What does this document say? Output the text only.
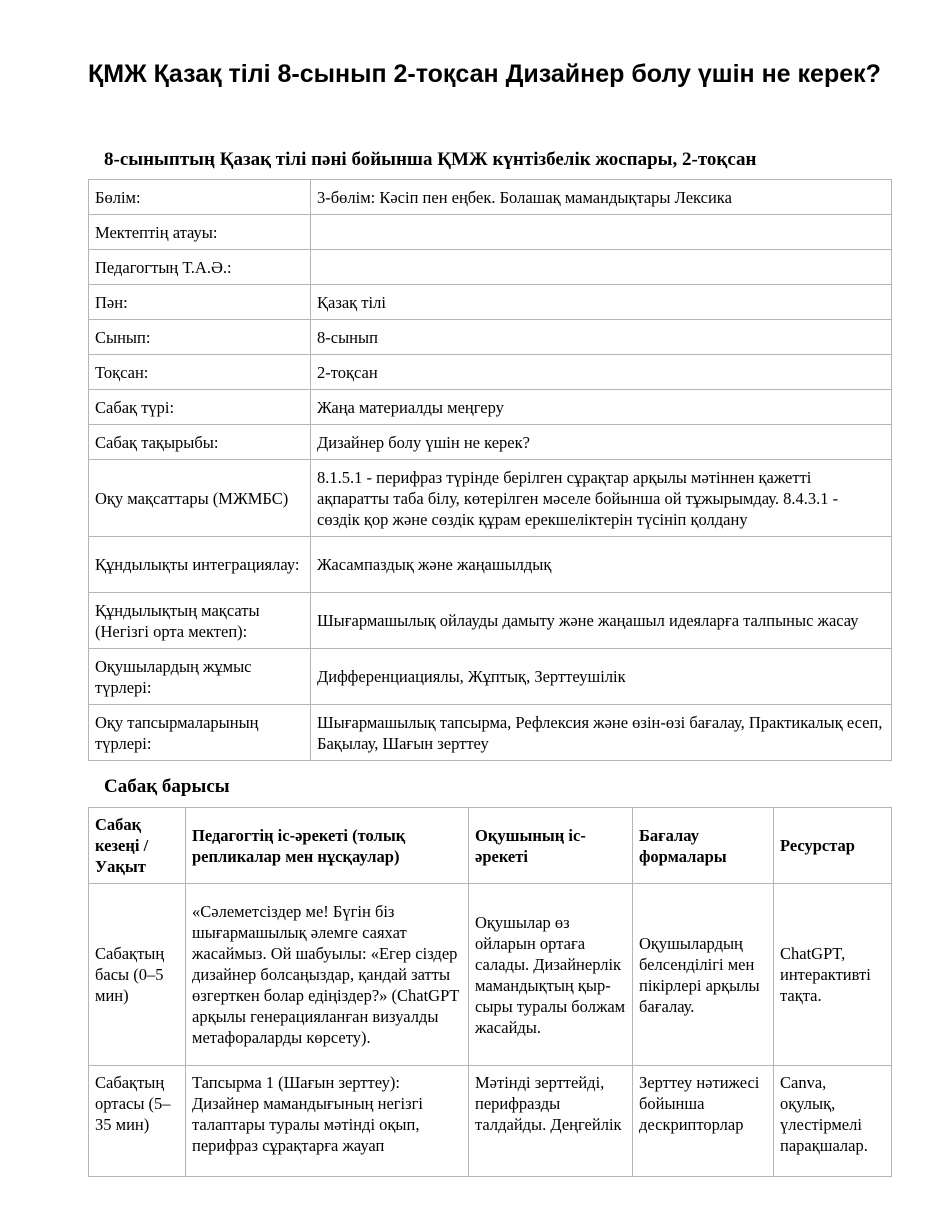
ҚМЖ Қазақ тілі 8-сынып 2-тоқсан Дизайнер болу үшін не керек?
8-сыныптың Қазақ тілі пәні бойынша ҚМЖ күнтізбелік жоспары, 2-тоқсан
Бөлім:	3-бөлім: Кәсіп пен еңбек. Болашақ мамандықтары Лексика
Мектептің атауы:	
Педагогтың Т.А.Ә.:	
Пән:	Қазақ тілі
Сынып:	8-сынып
Тоқсан:	2-тоқсан
Сабақ түрі:	Жаңа материалды меңгеру
Сабақ тақырыбы:	Дизайнер болу үшін не керек?
Оқу мақсаттары (МЖМБС)	8.1.5.1 - перифраз түрінде берілген сұрақтар арқылы мәтіннен қажетті ақпаратты таба білу, көтерілген мәселе бойынша ой тұжырымдау. 8.4.3.1 - сөздік қор және сөздік құрам ерекшеліктерін түсініп қолдану
Құндылықты интеграциялау:	Жасампаздық және жаңашылдық
Құндылықтың мақсаты (Негізгі орта мектеп):	Шығармашылық ойлауды дамыту және жаңашыл идеяларға талпыныс жасау
Оқушылардың жұмыс түрлері:	Дифференциациялы, Жұптық, Зерттеушілік
Оқу тапсырмаларының түрлері:	Шығармашылық тапсырма, Рефлексия және өзін-өзі бағалау, Практикалық есеп, Бақылау, Шағын зерттеу
Сабақ барысы
Сабақ кезеңі / Уақыт	Педагогтің іс-әрекеті (толық репликалар мен нұсқаулар)	Оқушының іс-әрекеті	Бағалау формалары	Ресурстар
Сабақтың басы (0–5 мин)	«Сәлеметсіздер ме! Бүгін біз шығармашылық әлемге саяхат жасаймыз. Ой шабуылы: «Егер сіздер дизайнер болсаңыздар, қандай затты өзгерткен болар едіңіздер?» (ChatGPT арқылы генерацияланған визуалды метафораларды көрсету).	Оқушылар өз ойларын ортаға салады. Дизайнерлік мамандықтың қыр-сыры туралы болжам жасайды.	Оқушылардың белсенділігі мен пікірлері арқылы бағалау.	ChatGPT, интерактивті тақта.
Сабақтың ортасы (5–35 мин)	Тапсырма 1 (Шағын зерттеу): Дизайнер мамандығының негізгі талаптары туралы мәтінді оқып, перифраз сұрақтарға жауап	Мәтінді зерттейді, перифразды талдайды. Деңгейлік	Зерттеу нәтижесі бойынша дескрипторлар	Canva, оқулық, үлестірмелі парақшалар.
